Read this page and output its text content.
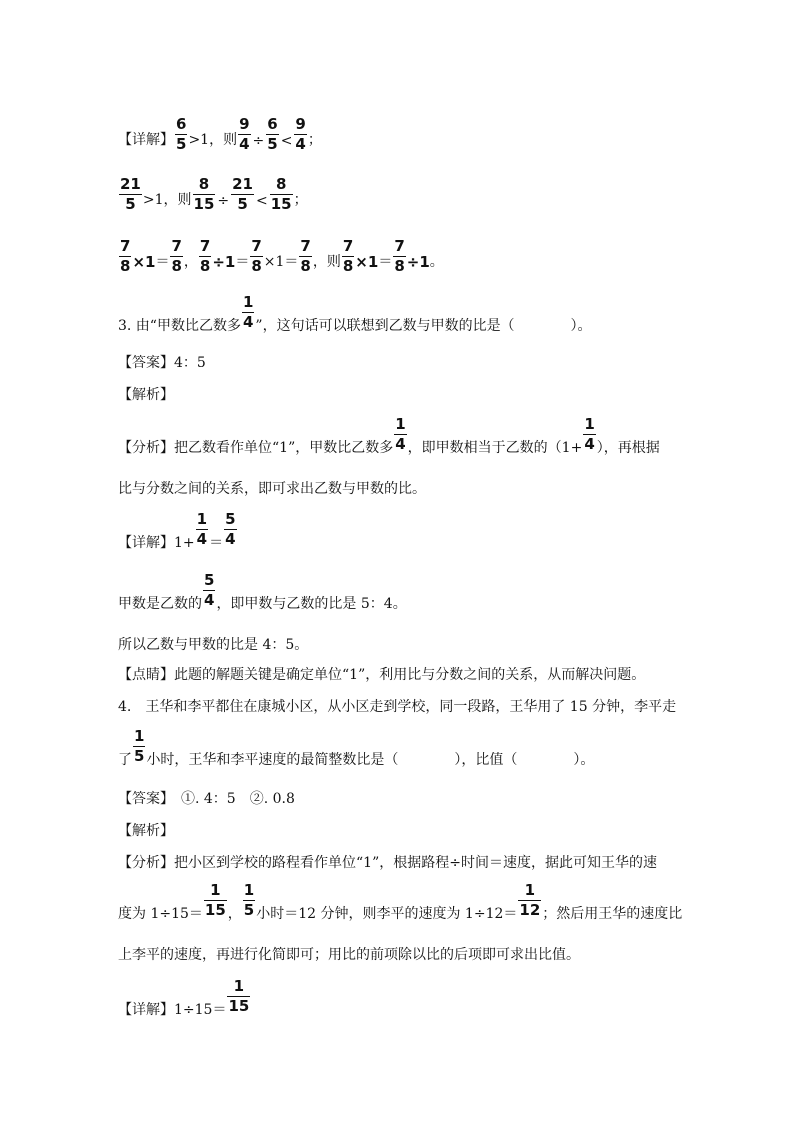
【详解】 $\frac{6}{5} >1$，则 $\frac{9}{4} \div \frac{6}{5} < \frac{9}{4}$ ；
$\frac{21}{5} >1$，则 $\frac{8}{15} \div \frac{21}{5} < \frac{8}{15}$ ；
$\frac{7}{8} \times 1 = \frac{7}{8}$ ， $\frac{7}{8} \div 1 = \frac{7}{8} \times 1= \frac{7}{8}$ ，则 $\frac{7}{8} \times 1 = \frac{7}{8} \div 1$ 。
3. 由“甲数比乙数多 $\frac{1}{4}$ ”，这句话可以联想到乙数与甲数的比是（　　　　）。
【答案】4：5
【解析】
【分析】把乙数看作单位“1”，甲数比乙数多 $\frac{1}{4}$ ，即甲数相当于乙数的（$1+ \frac{1}{4}$ ），再根据
比与分数之间的关系，即可求出乙数与甲数的比。
【详解】$1+ \frac{1}{4} = \frac{5}{4}$
甲数是乙数的 $\frac{5}{4}$ ，即甲数与乙数的比是 5：4。
所以乙数与甲数的比是 4：5。
【点睛】此题的解题关键是确定单位“1”，利用比与分数之间的关系，从而解决问题。
4.　王华和李平都住在康城小区，从小区走到学校，同一段路，王华用了 15 分钟，李平走
了 $\frac{1}{5}$ 小时，王华和李平速度的最简整数比是（　　　　），比值（　　　　）。
【答案】　①. 4：5　②. 0.8
【解析】
【分析】把小区到学校的路程看作单位“1”，根据路程÷时间＝速度，据此可知王华的速
度为 $1\div 15= \frac{1}{15}$ ， $\frac{1}{5}$ 小时＝12 分钟，则李平的速度为 $1\div 12= \frac{1}{12}$ ；然后用王华的速度比
上李平的速度，再进行化简即可；用比的前项除以比的后项即可求出比值。
【详解】$1\div 15= \frac{1}{15}$
